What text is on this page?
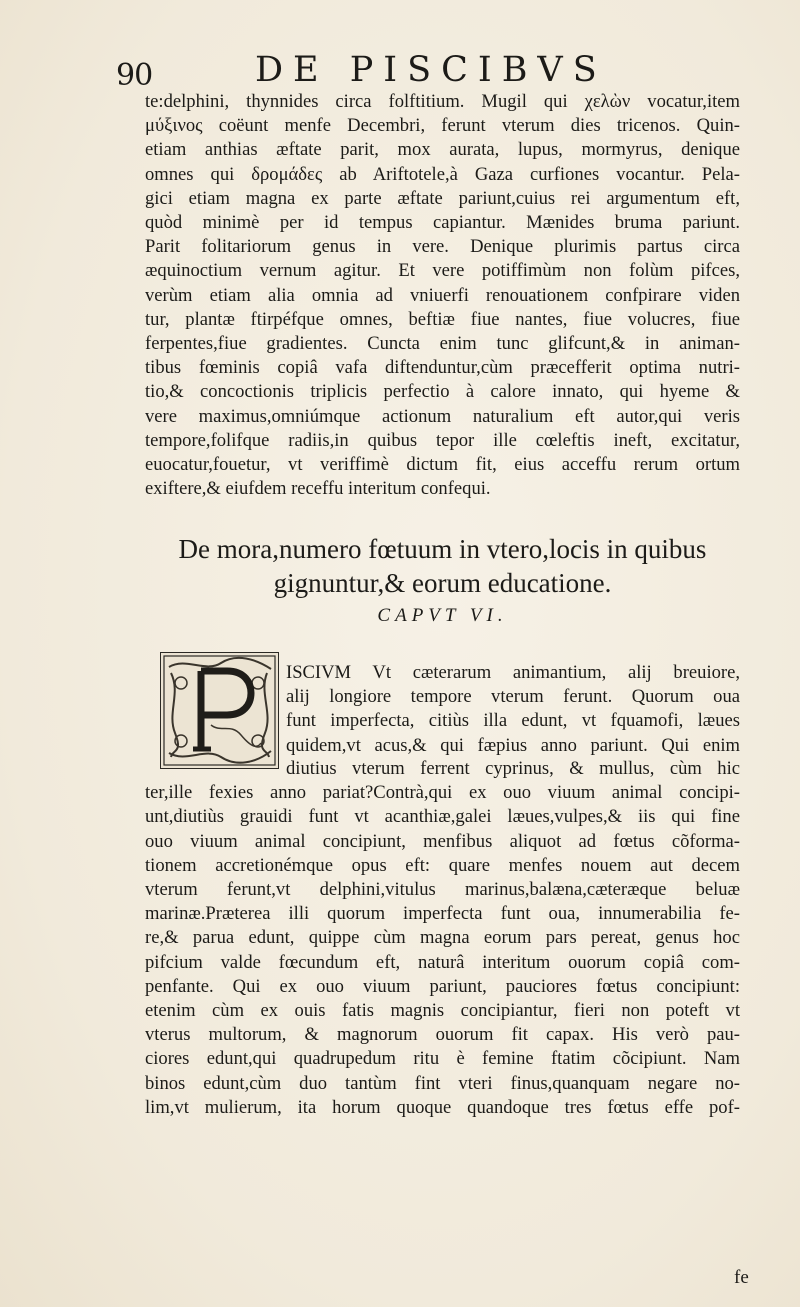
90	DE PISCIBVS
te:delphini, thynnides circa folftitium. Mugil qui χελὼν vocatur,item
μύξινος coëunt menfe Decembri, ferunt vterum dies tricenos. Quin-
etiam anthias æftate parit, mox aurata, lupus, mormyrus, denique
omnes qui δρομάδες ab Ariftotele,à Gaza curfiones vocantur. Pela-
gici etiam magna ex parte æftate pariunt,cuius rei argumentum eft,
quòd minimè per id tempus capiantur. Mænides bruma pariunt.
Parit folitariorum genus in vere. Denique plurimis partus circa
æquinoctium vernum agitur. Et vere potiffimùm non folùm pifces,
verùm etiam alia omnia ad vniuerfi renouationem confpirare viden
tur, plantæ ftirpéfque omnes, beftiæ fiue nantes, fiue volucres, fiue
ferpentes,fiue gradientes. Cuncta enim tunc glifcunt,& in animan-
tibus fœminis copiâ vafa diftenduntur,cùm præcefferit optima nutri-
tio,& concoctionis triplicis perfectio à calore innato, qui hyeme &
vere maximus,omniúmque actionum naturalium eft autor,qui veris
tempore,folifque radiis,in quibus tepor ille cœleftis ineft, excitatur,
euocatur,fouetur, vt veriffimè dictum fit, eius acceffu rerum ortum
exiftere,& eiufdem receffu interitum confequi.
De mora,numero fœtuum in vtero,locis in quibus
gignuntur,& eorum educatione.
CAPVT VI.
ISCIVM Vt cæterarum animantium, alij breuiore,
alij longiore tempore vterum ferunt. Quorum oua
funt imperfecta, citiùs illa edunt, vt fquamofi, læues
quidem,vt acus,& qui fæpius anno pariunt. Qui enim
diutius vterum ferrent cyprinus, & mullus, cùm hic
ter,ille fexies anno pariat?Contrà,qui ex ouo viuum animal concipi-
unt,diutiùs grauidi funt vt acanthiæ,galei læues,vulpes,& iis qui fine
ouo viuum animal concipiunt, menfibus aliquot ad fœtus cõforma-
tionem accretionémque opus eft: quare menfes nouem aut decem
vterum ferunt,vt delphini,vitulus marinus,balæna,cæteræque beluæ
marinæ.Præterea illi quorum imperfecta funt oua, innumerabilia fe-
re,& parua edunt, quippe cùm magna eorum pars pereat, genus hoc
pifcium valde fœcundum eft, naturâ interitum ouorum copiâ com-
penfante. Qui ex ouo viuum pariunt, pauciores fœtus concipiunt:
etenim cùm ex ouis fatis magnis concipiantur, fieri non poteft vt
vterus multorum, & magnorum ouorum fit capax. His verò pau-
ciores edunt,qui quadrupedum ritu è femine ftatim cõcipiunt. Nam
binos edunt,cùm duo tantùm fint vteri finus,quanquam negare no-
lim,vt mulierum, ita horum quoque quandoque tres fœtus effe pof-
fe
